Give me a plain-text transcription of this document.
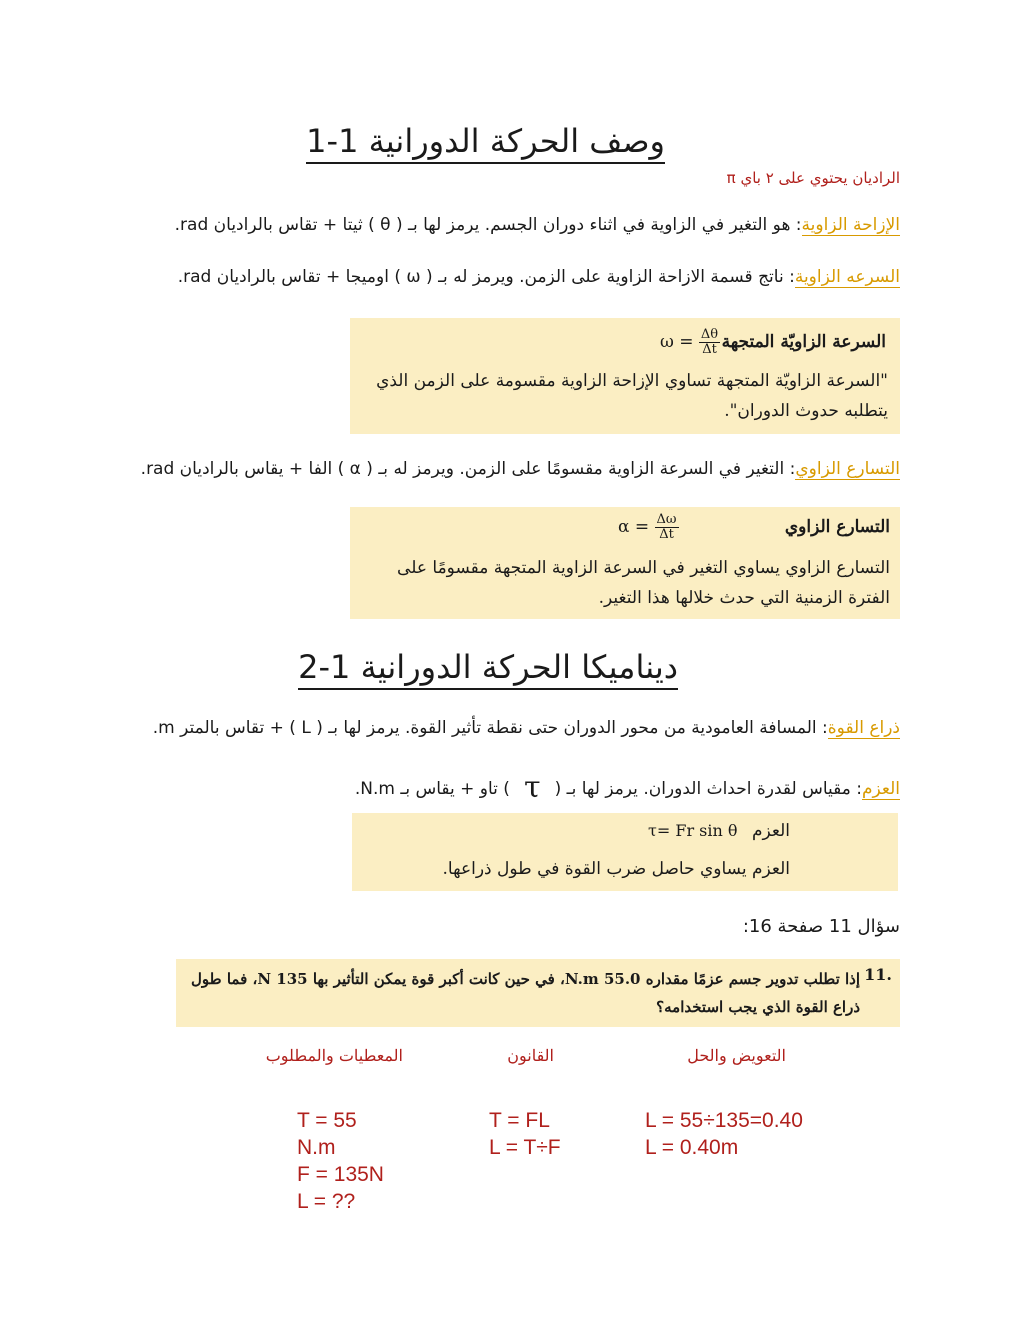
وصف الحركة الدورانية 1-1
الراديان يحتوي على ٢ باي π
الإزاحة الزاوية: هو التغير في الزاوية في اثناء دوران الجسم. يرمز لها بـ ( θ ) ثيتا + تقاس بالراديان rad.
السرعه الزاوية: ناتج قسمة الازاحة الزاوية على الزمن. ويرمز له بـ ( ω ) اوميجا + تقاس بالراديان rad.
السرعة الزاويّة المتجهة
$\omega = \frac{\Delta\theta}{\Delta t}$
"السرعة الزاويّة المتجهة تساوي الإزاحة الزاوية مقسومة على الزمن الذي يتطلبه حدوث الدوران".
التسارع الزاوي: التغير في السرعة الزاوية مقسومًا على الزمن. ويرمز له بـ ( α ) الفا + يقاس بالراديان rad.
التسارع الزاوي
$\alpha = \frac{\Delta\omega}{\Delta t}$
التسارع الزاوي يساوي التغير في السرعة الزاوية المتجهة مقسومًا على الفترة الزمنية التي حدث خلالها هذا التغير.
ديناميكا الحركة الدورانية 1-2
ذراع القوة: المسافة العامودية من محور الدوران حتى نقطة تأثير القوة. يرمز لها بـ ( L ) + تقاس بالمتر m.
العزم: مقياس لقدرة احداث الدوران. يرمز لها بـ (τ) تاو + يقاس بـ N.m.
العزم
τ= Fr sin θ
العزم يساوي حاصل ضرب القوة في طول ذراعها.
سؤال 11 صفحة 16:
11.
إذا تطلب تدوير جسم عزمًا مقداره 55.0 N.m، في حين كانت أكبر قوة يمكن التأثير بها 135 N، فما طول ذراع القوة الذي يجب استخدامه؟
التعويض والحل
القانون
المعطيات والمطلوب
T = 55
N.m
F = 135N
L = ??
T = FL
L = T÷F
L = 55÷135=0.40
L = 0.40m
